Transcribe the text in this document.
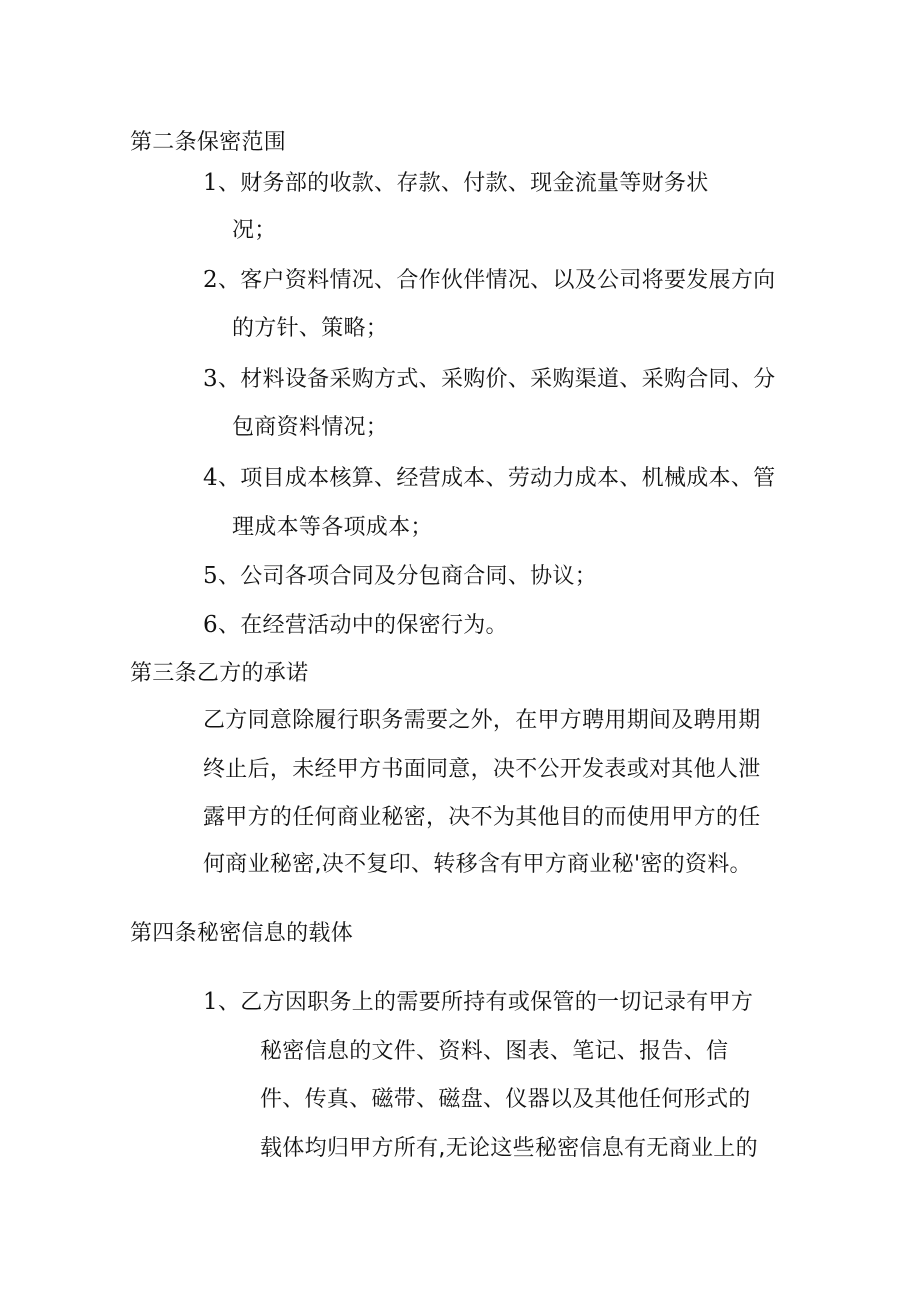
第二条保密范围
1、财务部的收款、存款、付款、现金流量等财务状
况；
2、客户资料情况、合作伙伴情况、以及公司将要发展方向
的方针、策略；
3、材料设备采购方式、采购价、采购渠道、采购合同、分
包商资料情况；
4、项目成本核算、经营成本、劳动力成本、机械成本、管
理成本等各项成本；
5、公司各项合同及分包商合同、协议；
6、在经营活动中的保密行为。
第三条乙方的承诺
乙方同意除履行职务需要之外，在甲方聘用期间及聘用期
终止后，未经甲方书面同意，决不公开发表或对其他人泄
露甲方的任何商业秘密，决不为其他目的而使用甲方的任
何商业秘密,决不复印、转移含有甲方商业秘'密的资料。
第四条秘密信息的载体
1、乙方因职务上的需要所持有或保管的一切记录有甲方
秘密信息的文件、资料、图表、笔记、报告、信
件、传真、磁带、磁盘、仪器以及其他任何形式的
载体均归甲方所有,无论这些秘密信息有无商业上的
